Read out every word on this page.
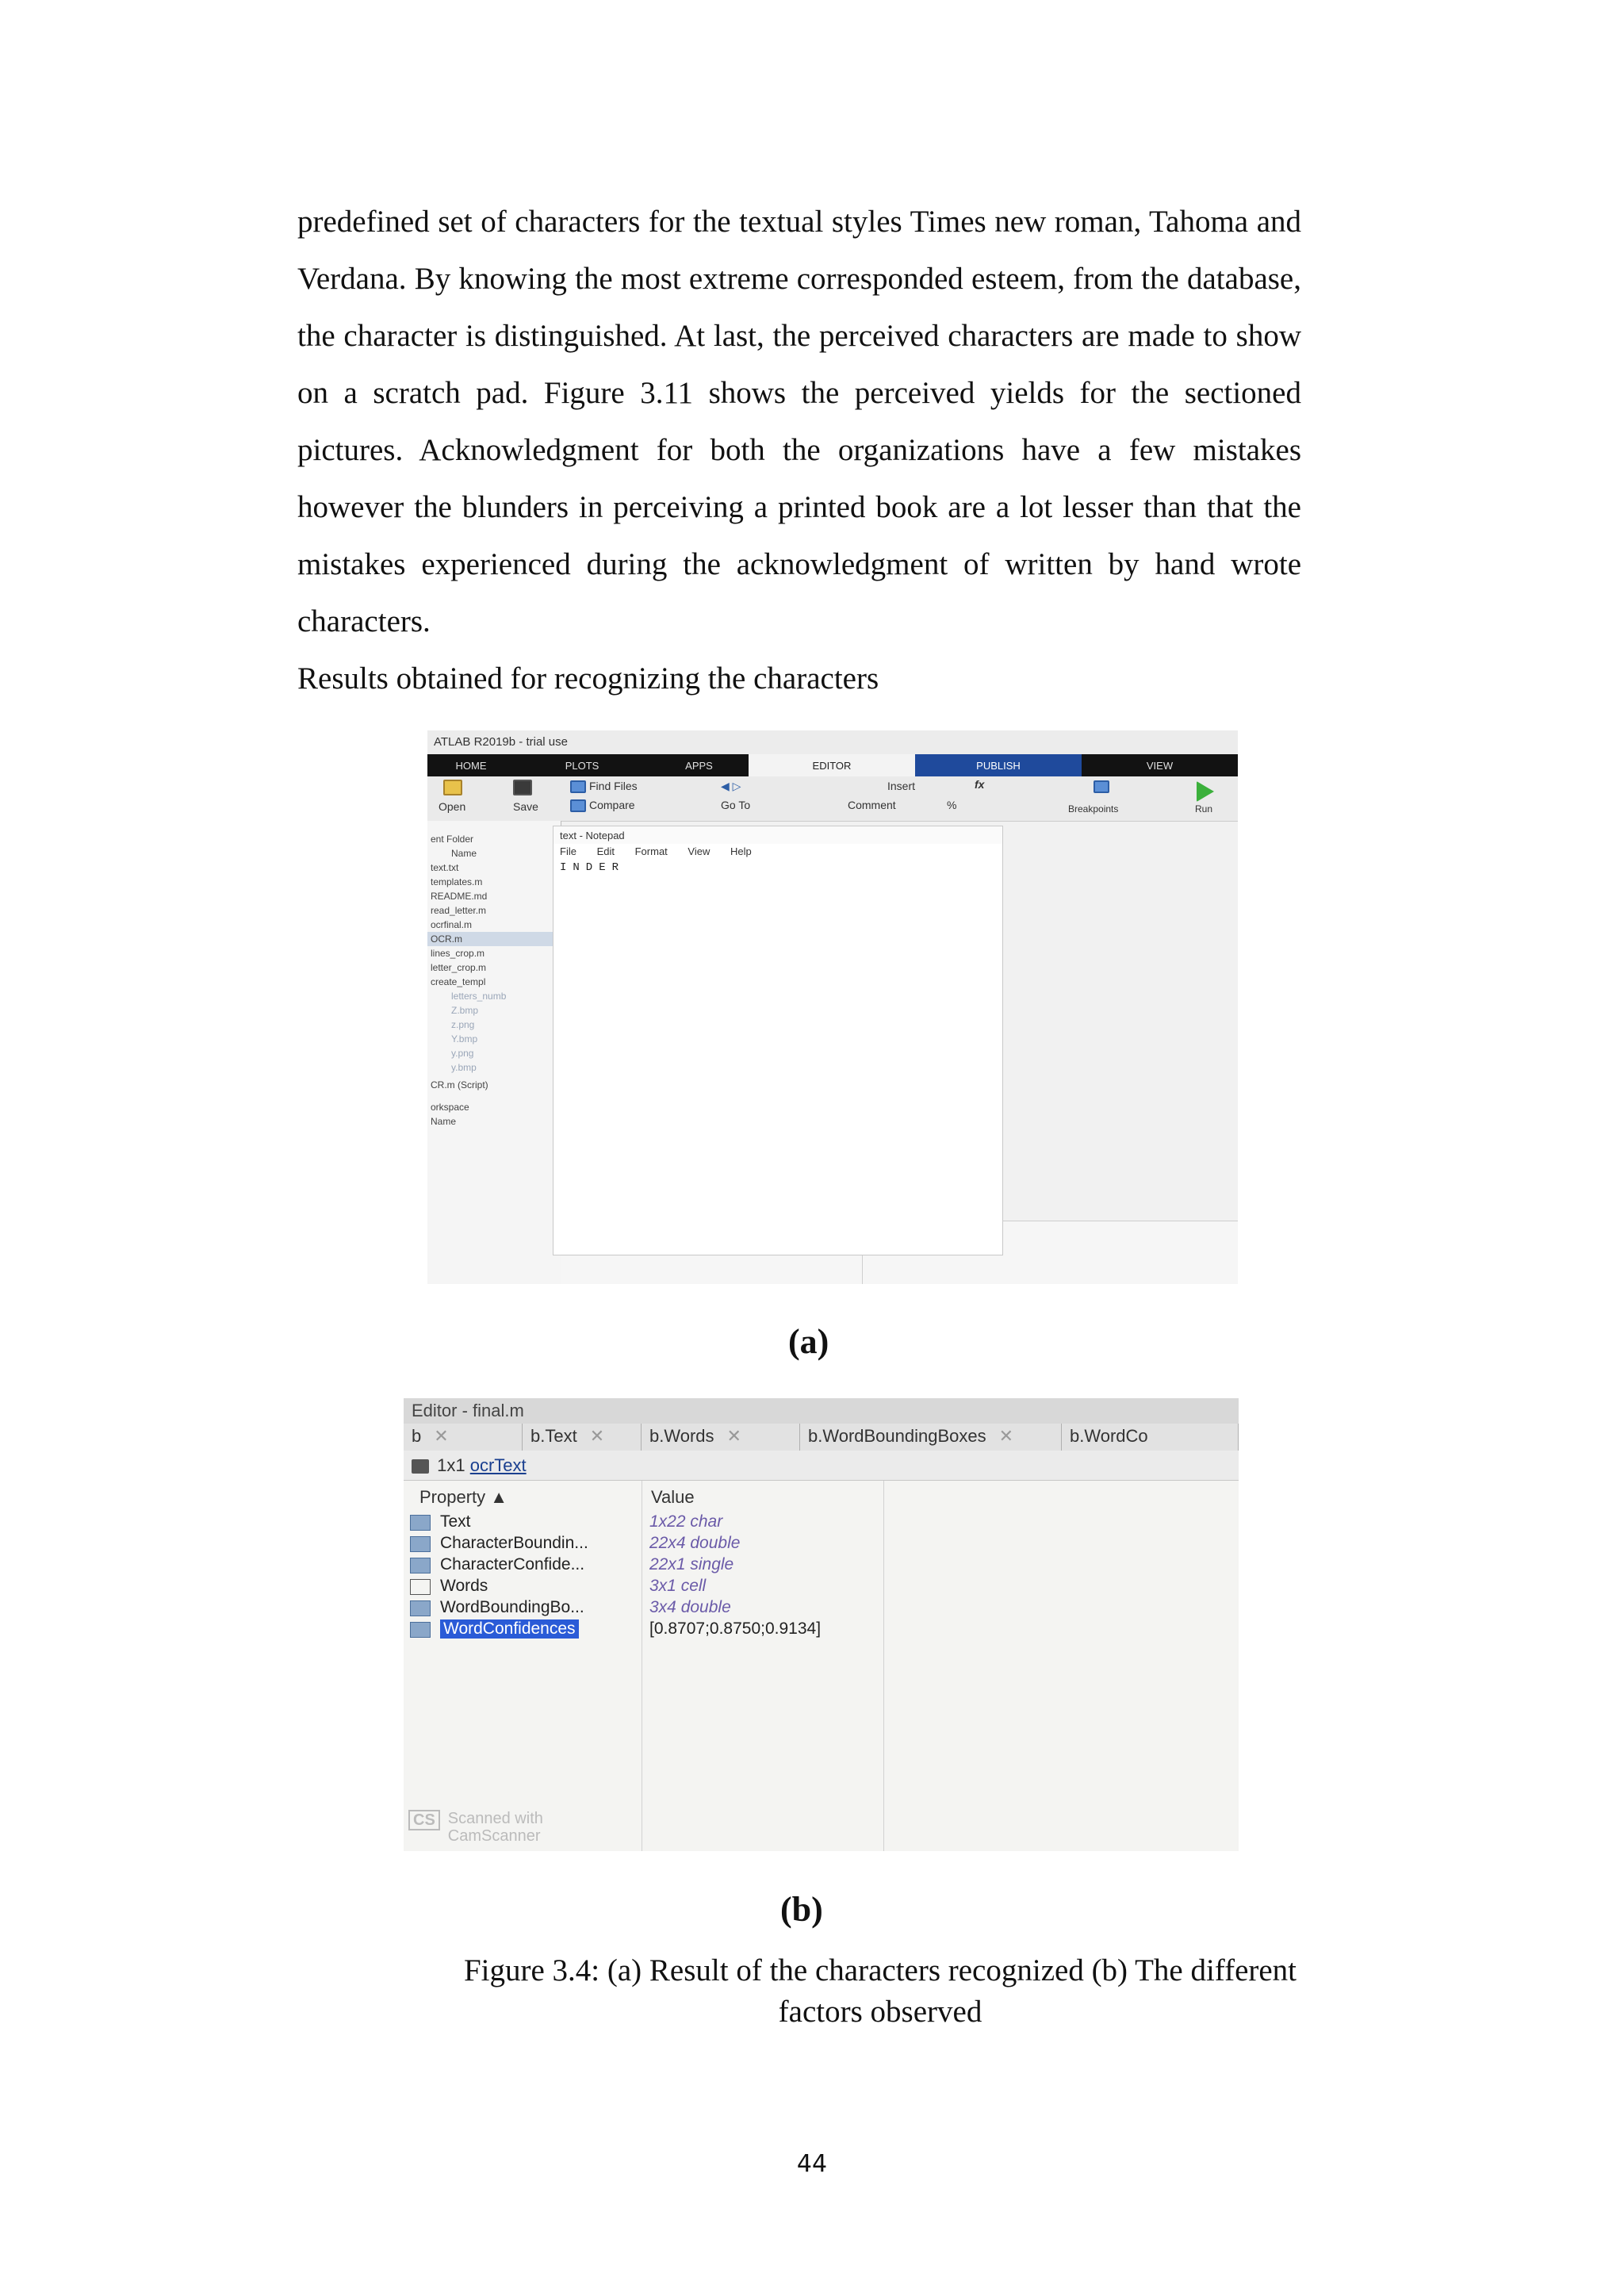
predefined set of characters for the textual styles Times new roman, Tahoma and Verdana. By knowing the most extreme corresponded esteem, from the database, the character is distinguished. At last, the perceived characters are made to show on a scratch pad. Figure 3.11 shows the perceived yields for the sectioned pictures. Acknowledgment for both the organizations have a few mistakes however the blunders in perceiving a printed book are a lot lesser than that the mistakes experienced during the acknowledgment of written by hand wrote characters.

Results obtained for recognizing the characters

ATLAB R2019b - trial use
HOME	PLOTS	APPS	EDITOR	PUBLISH	VIEW
Open	Save
Find Files
Compare
◀ ▷
Go To
Insert	fx
Comment	%	Breakpoints	Run
ent Folder
Name
text.txt
templates.m
README.md
read_letter.m
ocrfinal.m
OCR.m
lines_crop.m
letter_crop.m
create_templ
letters_numb
Z.bmp
z.png
Y.bmp
y.png
y.bmp
CR.m (Script)
orkspace
Name
text - Notepad
File Edit Format View Help
INDER

(a)

Editor - final.m
b ✕	b.Text ✕	b.Words ✕	b.WordBoundingBoxes ✕	b.WordCo
1x1 ocrText
Property ▲	Value
Text	1x22 char
CharacterBoundin...	22x4 double
CharacterConfide...	22x1 single
Words	3x1 cell
WordBoundingBo...	3x4 double
WordConfidences	[0.8707;0.8750;0.9134]
CS Scanned with
CamScanner

(b)

Figure 3.4: (a) Result of the characters recognized (b) The different
factors observed

44
